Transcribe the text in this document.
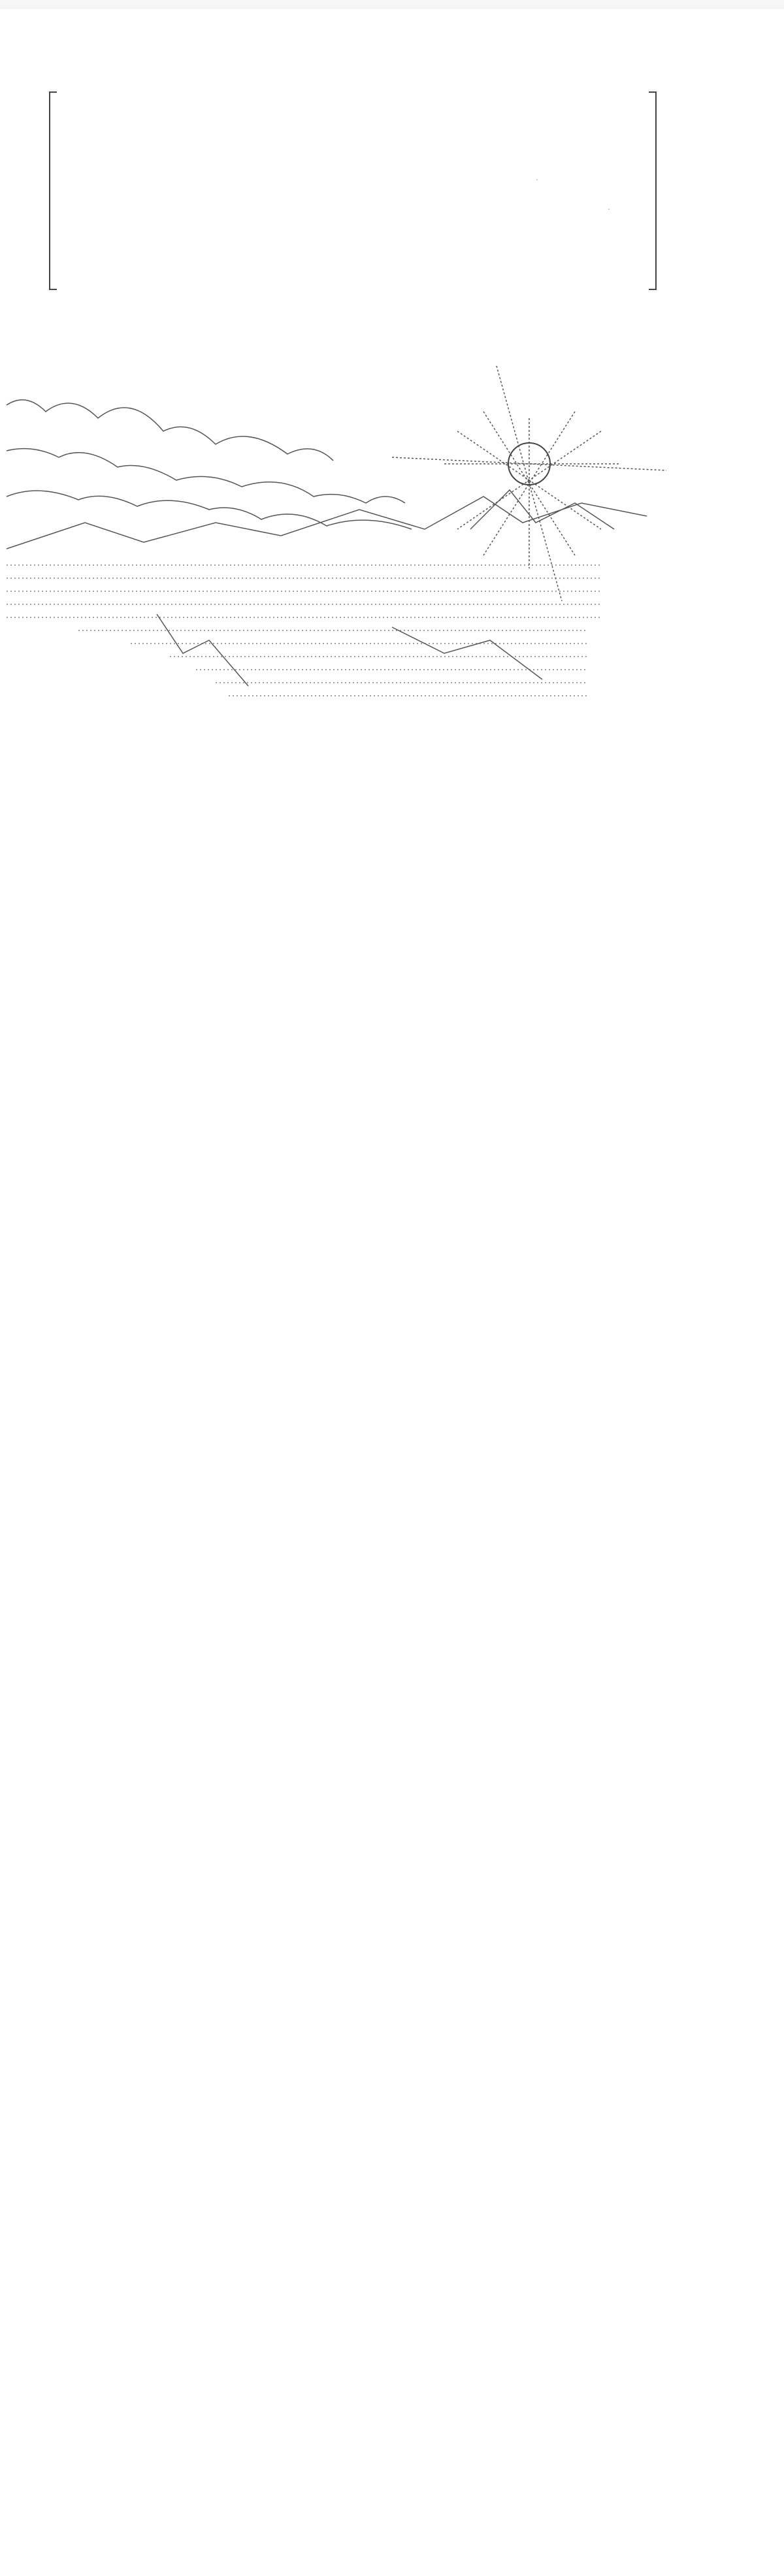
.
.
